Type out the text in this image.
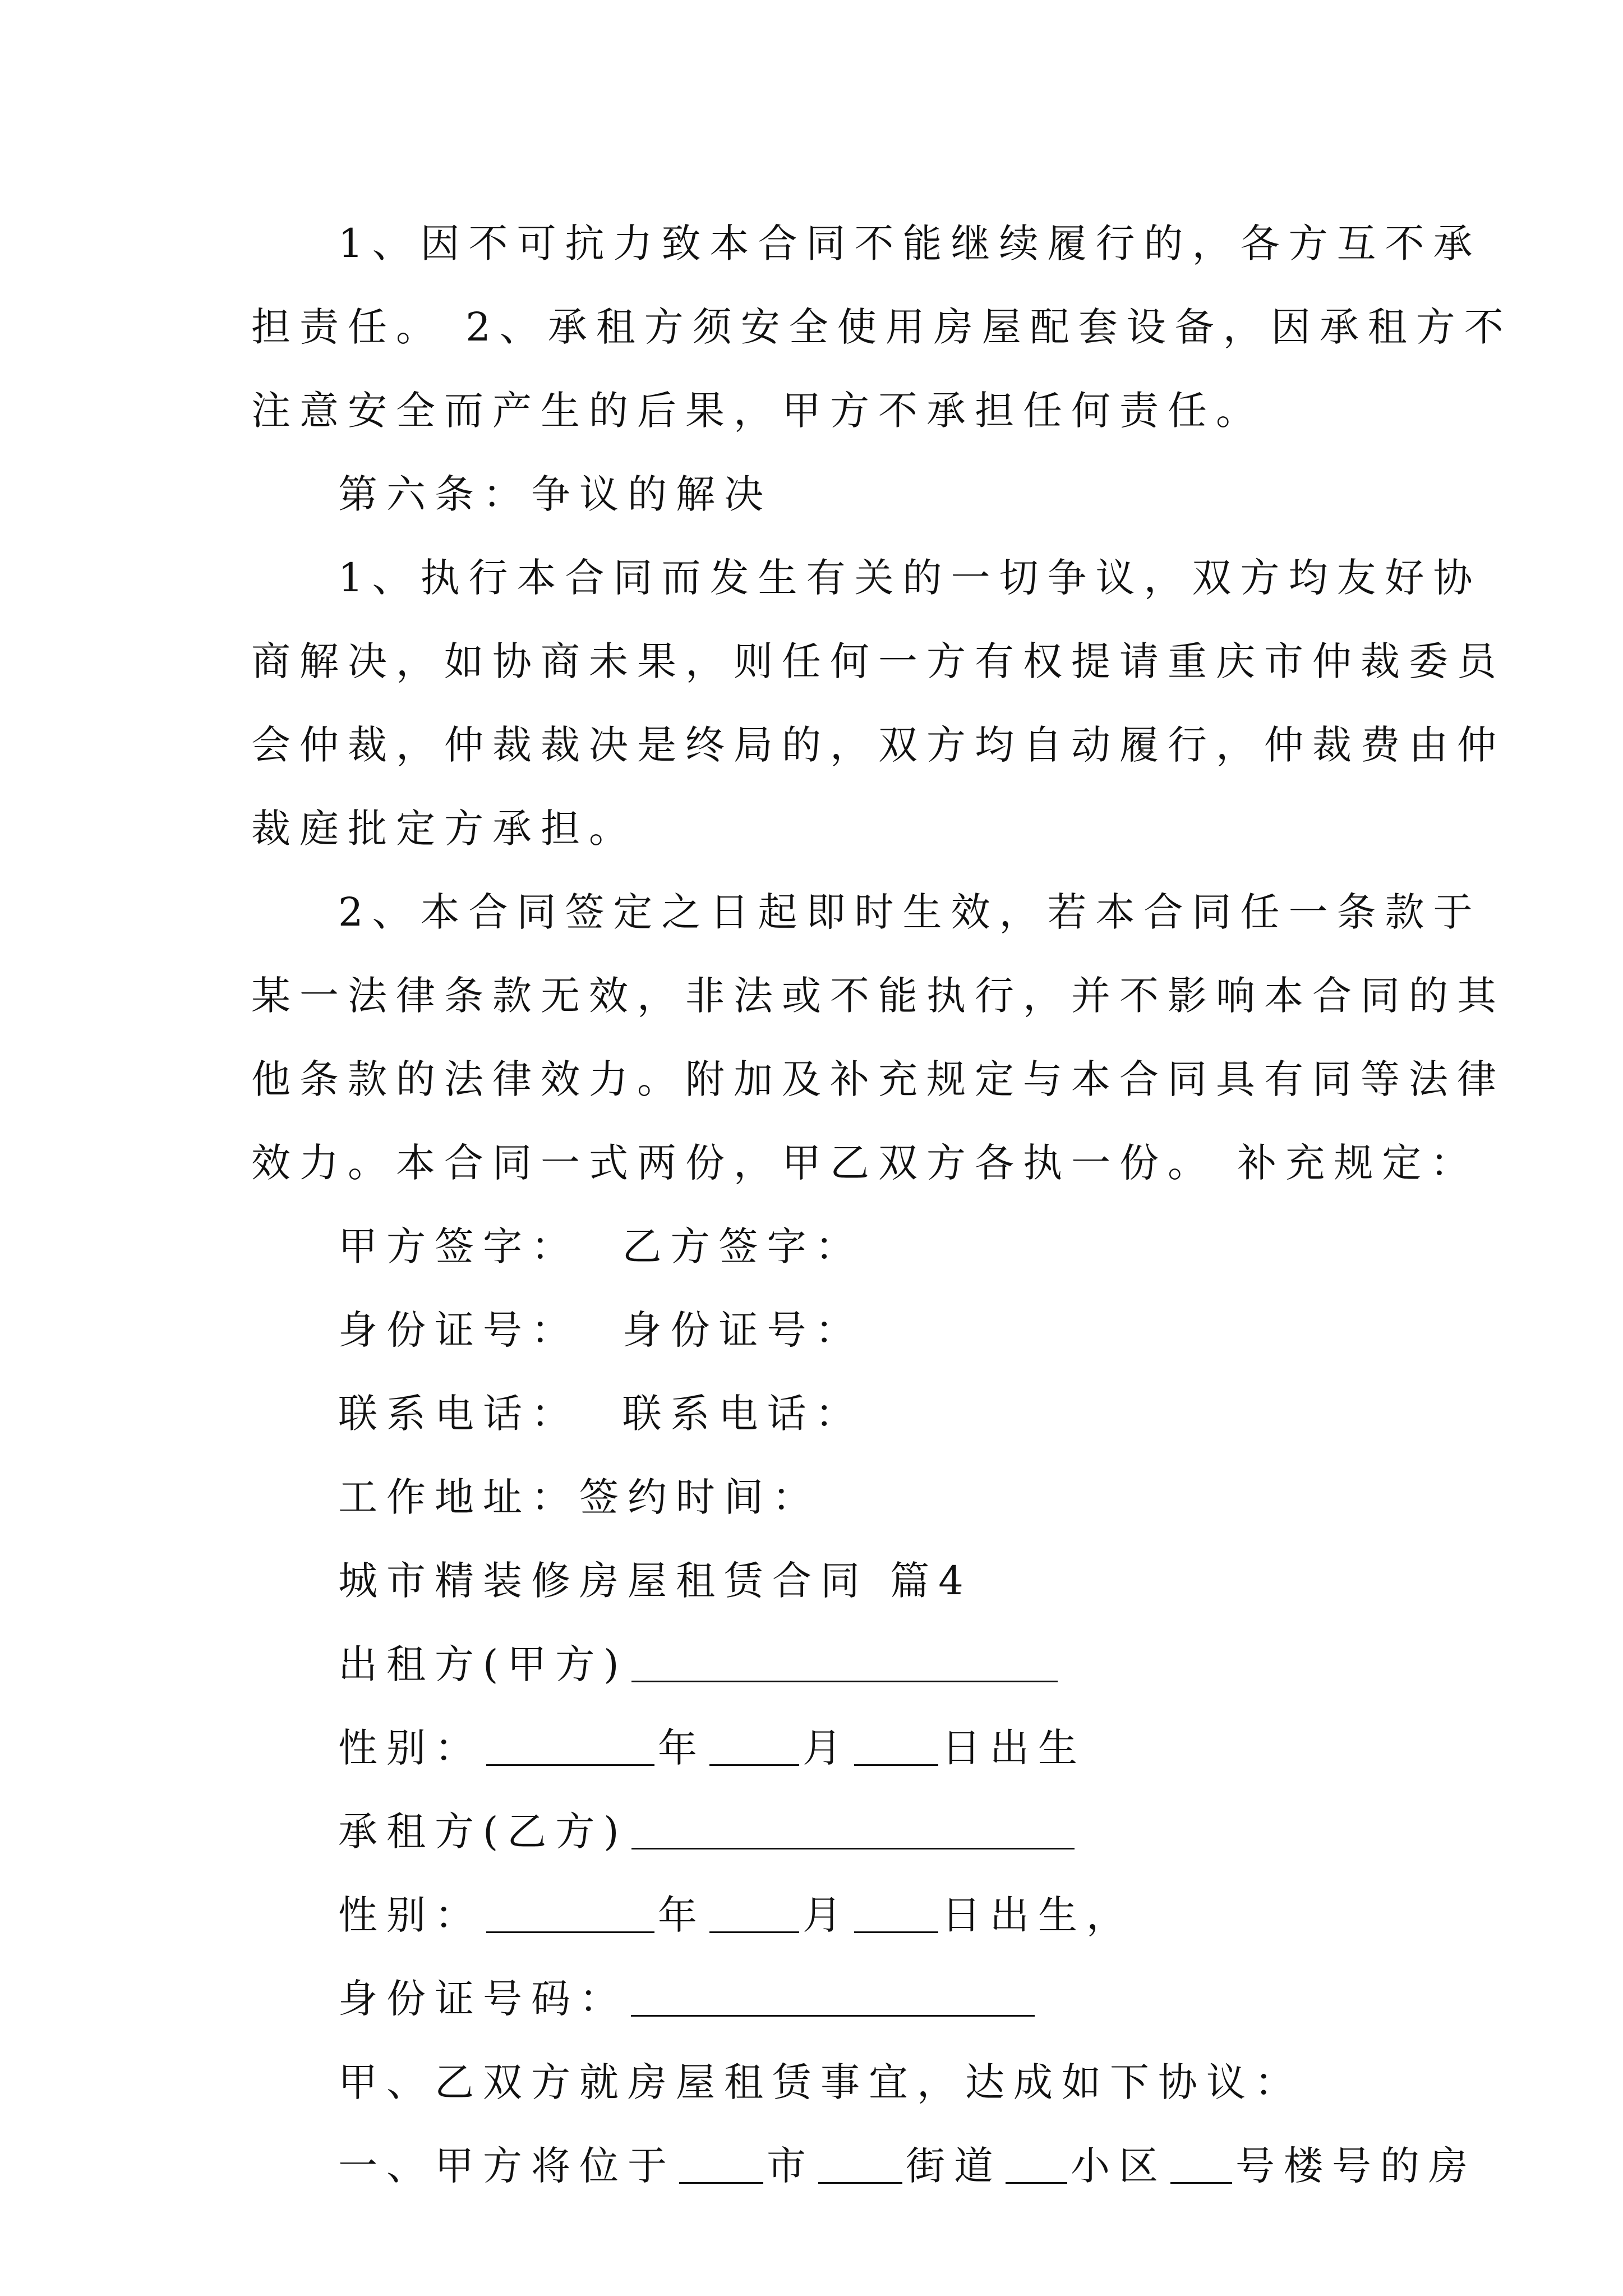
1、因不可抗力致本合同不能继续履行的，各方互不承
担责任。 2、承租方须安全使用房屋配套设备，因承租方不
注意安全而产生的后果，甲方不承担任何责任。
第六条：争议的解决
1、执行本合同而发生有关的一切争议，双方均友好协
商解决，如协商未果，则任何一方有权提请重庆市仲裁委员
会仲裁，仲裁裁决是终局的，双方均自动履行，仲裁费由仲
裁庭批定方承担。
2、本合同签定之日起即时生效，若本合同任一条款于
某一法律条款无效，非法或不能执行，并不影响本合同的其
他条款的法律效力。附加及补充规定与本合同具有同等法律
效力。本合同一式两份，甲乙双方各执一份。 补充规定：
甲方签字：  乙方签字：
身份证号：  身份证号：
联系电话：  联系电话：
工作地址：签约时间：
城市精装修房屋租赁合同 篇4
出租方(甲方)
性别：	年 月 日出生
承租方(乙方)
性别：	年 月 日出生，
身份证号码：
甲、乙双方就房屋租赁事宜，达成如下协议：
一、甲方将位于 市 街道 小区 号楼号的房
